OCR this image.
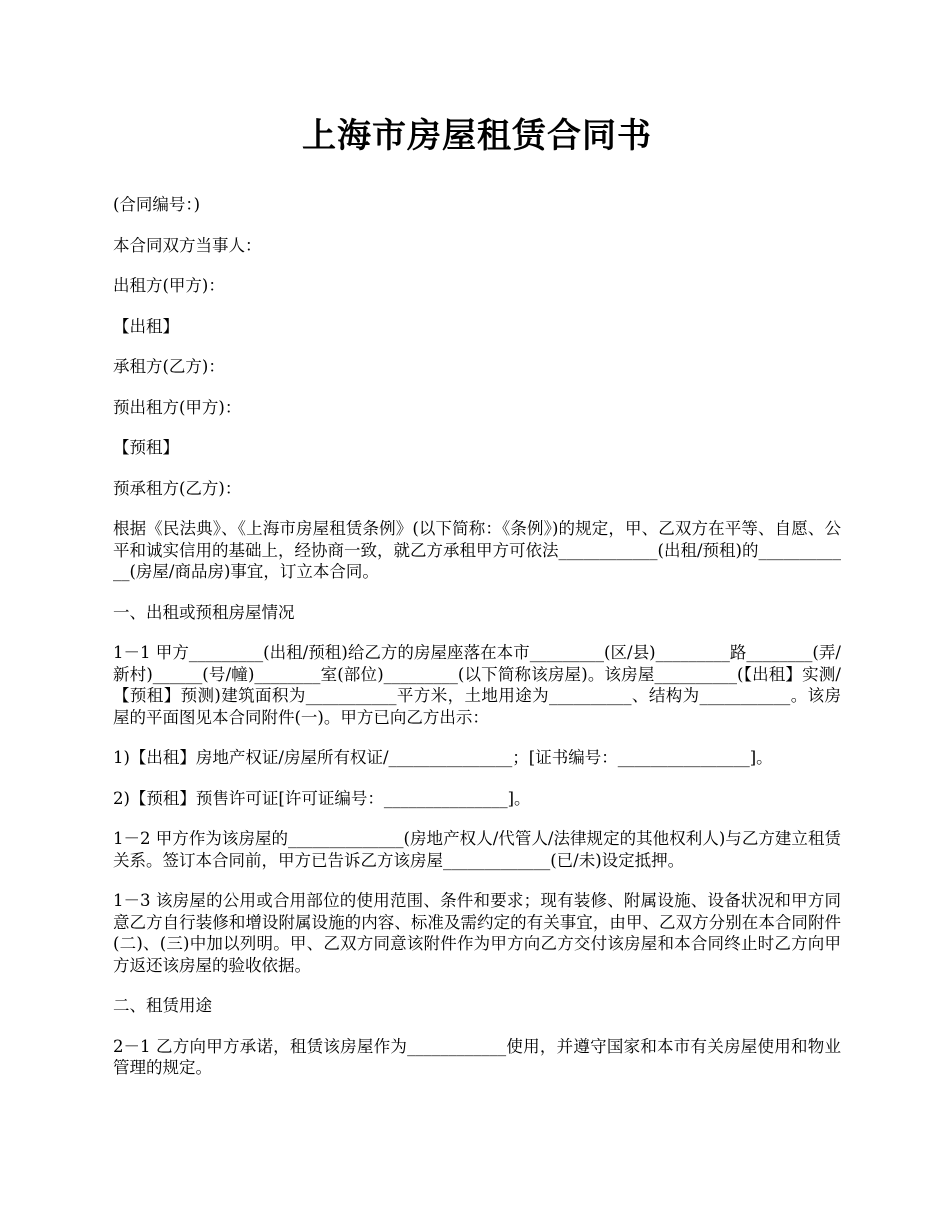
上海市房屋租赁合同书

(合同编号：)

本合同双方当事人：

出租方(甲方)：

【出租】

承租方(乙方)：

预出租方(甲方)：

【预租】

预承租方(乙方)：

根据《民法典》、《上海市房屋租赁条例》(以下简称：《条例》)的规定，甲、乙双方在平等、自愿、公平和诚实信用的基础上，经协商一致，就乙方承租甲方可依法____________(出租/预租)的____________(房屋/商品房)事宜，订立本合同。

一、出租或预租房屋情况

1－1 甲方_________(出租/预租)给乙方的房屋座落在本市_________(区/县)_________路________(弄/新村)______(号/幢)________室(部位)_________(以下简称该房屋)。该房屋__________(【出租】实测/【预租】预测)建筑面积为___________平方米，土地用途为__________、结构为___________。该房屋的平面图见本合同附件(一)。甲方已向乙方出示：

1)【出租】房地产权证/房屋所有权证/_______________；[证书编号：________________]。

2)【预租】预售许可证[许可证编号：_______________]。

1－2 甲方作为该房屋的______________(房地产权人/代管人/法律规定的其他权利人)与乙方建立租赁关系。签订本合同前，甲方已告诉乙方该房屋_____________(已/未)设定抵押。

1－3 该房屋的公用或合用部位的使用范围、条件和要求；现有装修、附属设施、设备状况和甲方同意乙方自行装修和增设附属设施的内容、标准及需约定的有关事宜，由甲、乙双方分别在本合同附件(二)、(三)中加以列明。甲、乙双方同意该附件作为甲方向乙方交付该房屋和本合同终止时乙方向甲方返还该房屋的验收依据。

二、租赁用途

2－1 乙方向甲方承诺，租赁该房屋作为____________使用，并遵守国家和本市有关房屋使用和物业管理的规定。
